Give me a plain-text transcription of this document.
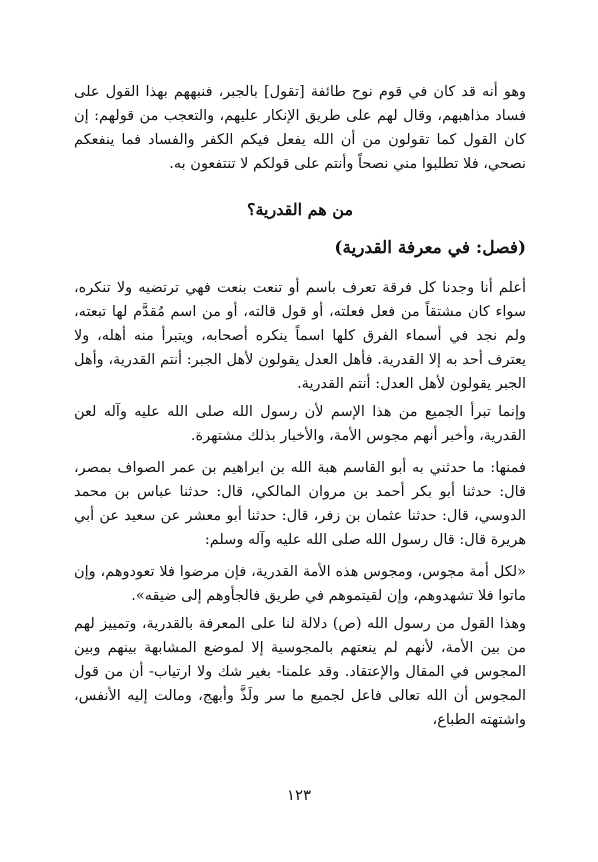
وهو أنه قد كان في قوم نوح طائفة [تقول] بالجبر، فنبههم بهذا القول على فساد مذاهبهم، وقال لهم على طريق الإنكار عليهم، والتعجب من قولهم: إن كان القول كما تقولون من أن الله يفعل فيكم الكفر والفساد فما ينفعكم نصحي، فلا تطلبوا مني نصحاً وأنتم على قولكم لا تنتفعون به.

من هم القدرية؟
(فصل: في معرفة القدرية)

أعلم أنا وجدنا كل فرقة تعرف باسم أو تنعت بنعت فهي ترتضيه ولا تنكره، سواء كان مشتقاً من فعل فعلته، أو قول قالته، أو من اسم مُقدَّم لها تبعته، ولم نجد في أسماء الفرق كلها اسماً ينكره أصحابه، ويتبرأ منه أهله، ولا يعترف أحد به إلا القدرية. فأهل العدل يقولون لأهل الجبر: أنتم القدرية، وأهل الجبر يقولون لأهل العدل: أنتم القدرية.

وإنما تبرأ الجميع من هذا الإسم لأن رسول الله صلى الله عليه وآله لعن القدرية، وأخبر أنهم مجوس الأمة، والأخبار بذلك مشتهرة.

فمنها: ما حدثني به أبو القاسم هبة الله بن ابراهيم بن عمر الصواف بمصر، قال: حدثنا أبو بكر أحمد بن مروان المالكي، قال: حدثنا عباس بن محمد الدوسي، قال: حدثنا عثمان بن زفر، قال: حدثنا أبو معشر عن سعيد عن أبي هريرة قال: قال رسول الله صلى الله عليه وآله وسلم:

«لكل أمة مجوس، ومجوس هذه الأمة القدرية، فإن مرضوا فلا تعودوهم، وإن ماتوا فلا تشهدوهم، وإن لقيتموهم في طريق فالجأوهم إلى ضيقه».

وهذا القول من رسول الله (ص) دلالة لنا على المعرفة بالقدرية، وتمييز لهم من بين الأمة، لأنهم لم ينعتهم بالمجوسية إلا لموضع المشابهة بينهم وبين المجوس في المقال والإعتقاد. وقد علمنا- بغير شك ولا ارتياب- أن من قول المجوس أن الله تعالى فاعل لجميع ما سر ولَذَّ وأبهج، ومالت إليه الأنفس، واشتهته الطباع،

١٢٣
